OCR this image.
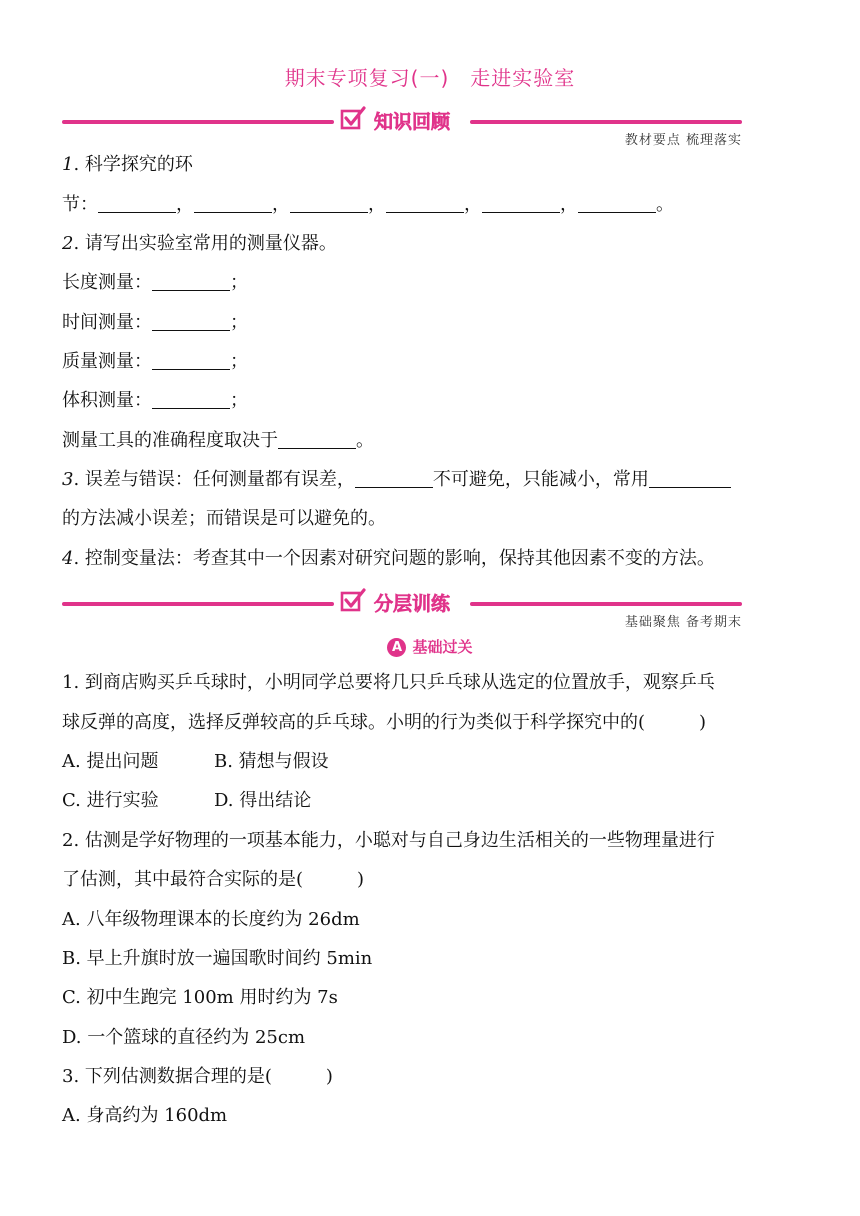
期末专项复习(一)　走进实验室
知识回顾
教材要点 梳理落实
1. 科学探究的环
节：	，	，	，	，	，	。
2. 请写出实验室常用的测量仪器。
长度测量：	；
时间测量：	；
质量测量：	；
体积测量：	；
测量工具的准确程度取决于	。
3. 误差与错误：任何测量都有误差，	不可避免，只能减小，常用
的方法减小误差；而错误是可以避免的。
4. 控制变量法：考查其中一个因素对研究问题的影响，保持其他因素不变的方法。
分层训练
基础聚焦 备考期末
A 基础过关
1. 到商店购买乒乓球时，小明同学总要将几只乒乓球从选定的位置放手，观察乒乓
球反弹的高度，选择反弹较高的乒乓球。小明的行为类似于科学探究中的(　　　)
A. 提出问题	B. 猜想与假设
C. 进行实验	D. 得出结论
2. 估测是学好物理的一项基本能力，小聪对与自己身边生活相关的一些物理量进行
了估测，其中最符合实际的是(　　　)
A. 八年级物理课本的长度约为 26dm
B. 早上升旗时放一遍国歌时间约 5min
C. 初中生跑完 100m 用时约为 7s
D. 一个篮球的直径约为 25cm
3. 下列估测数据合理的是(　　　)
A. 身高约为 160dm
